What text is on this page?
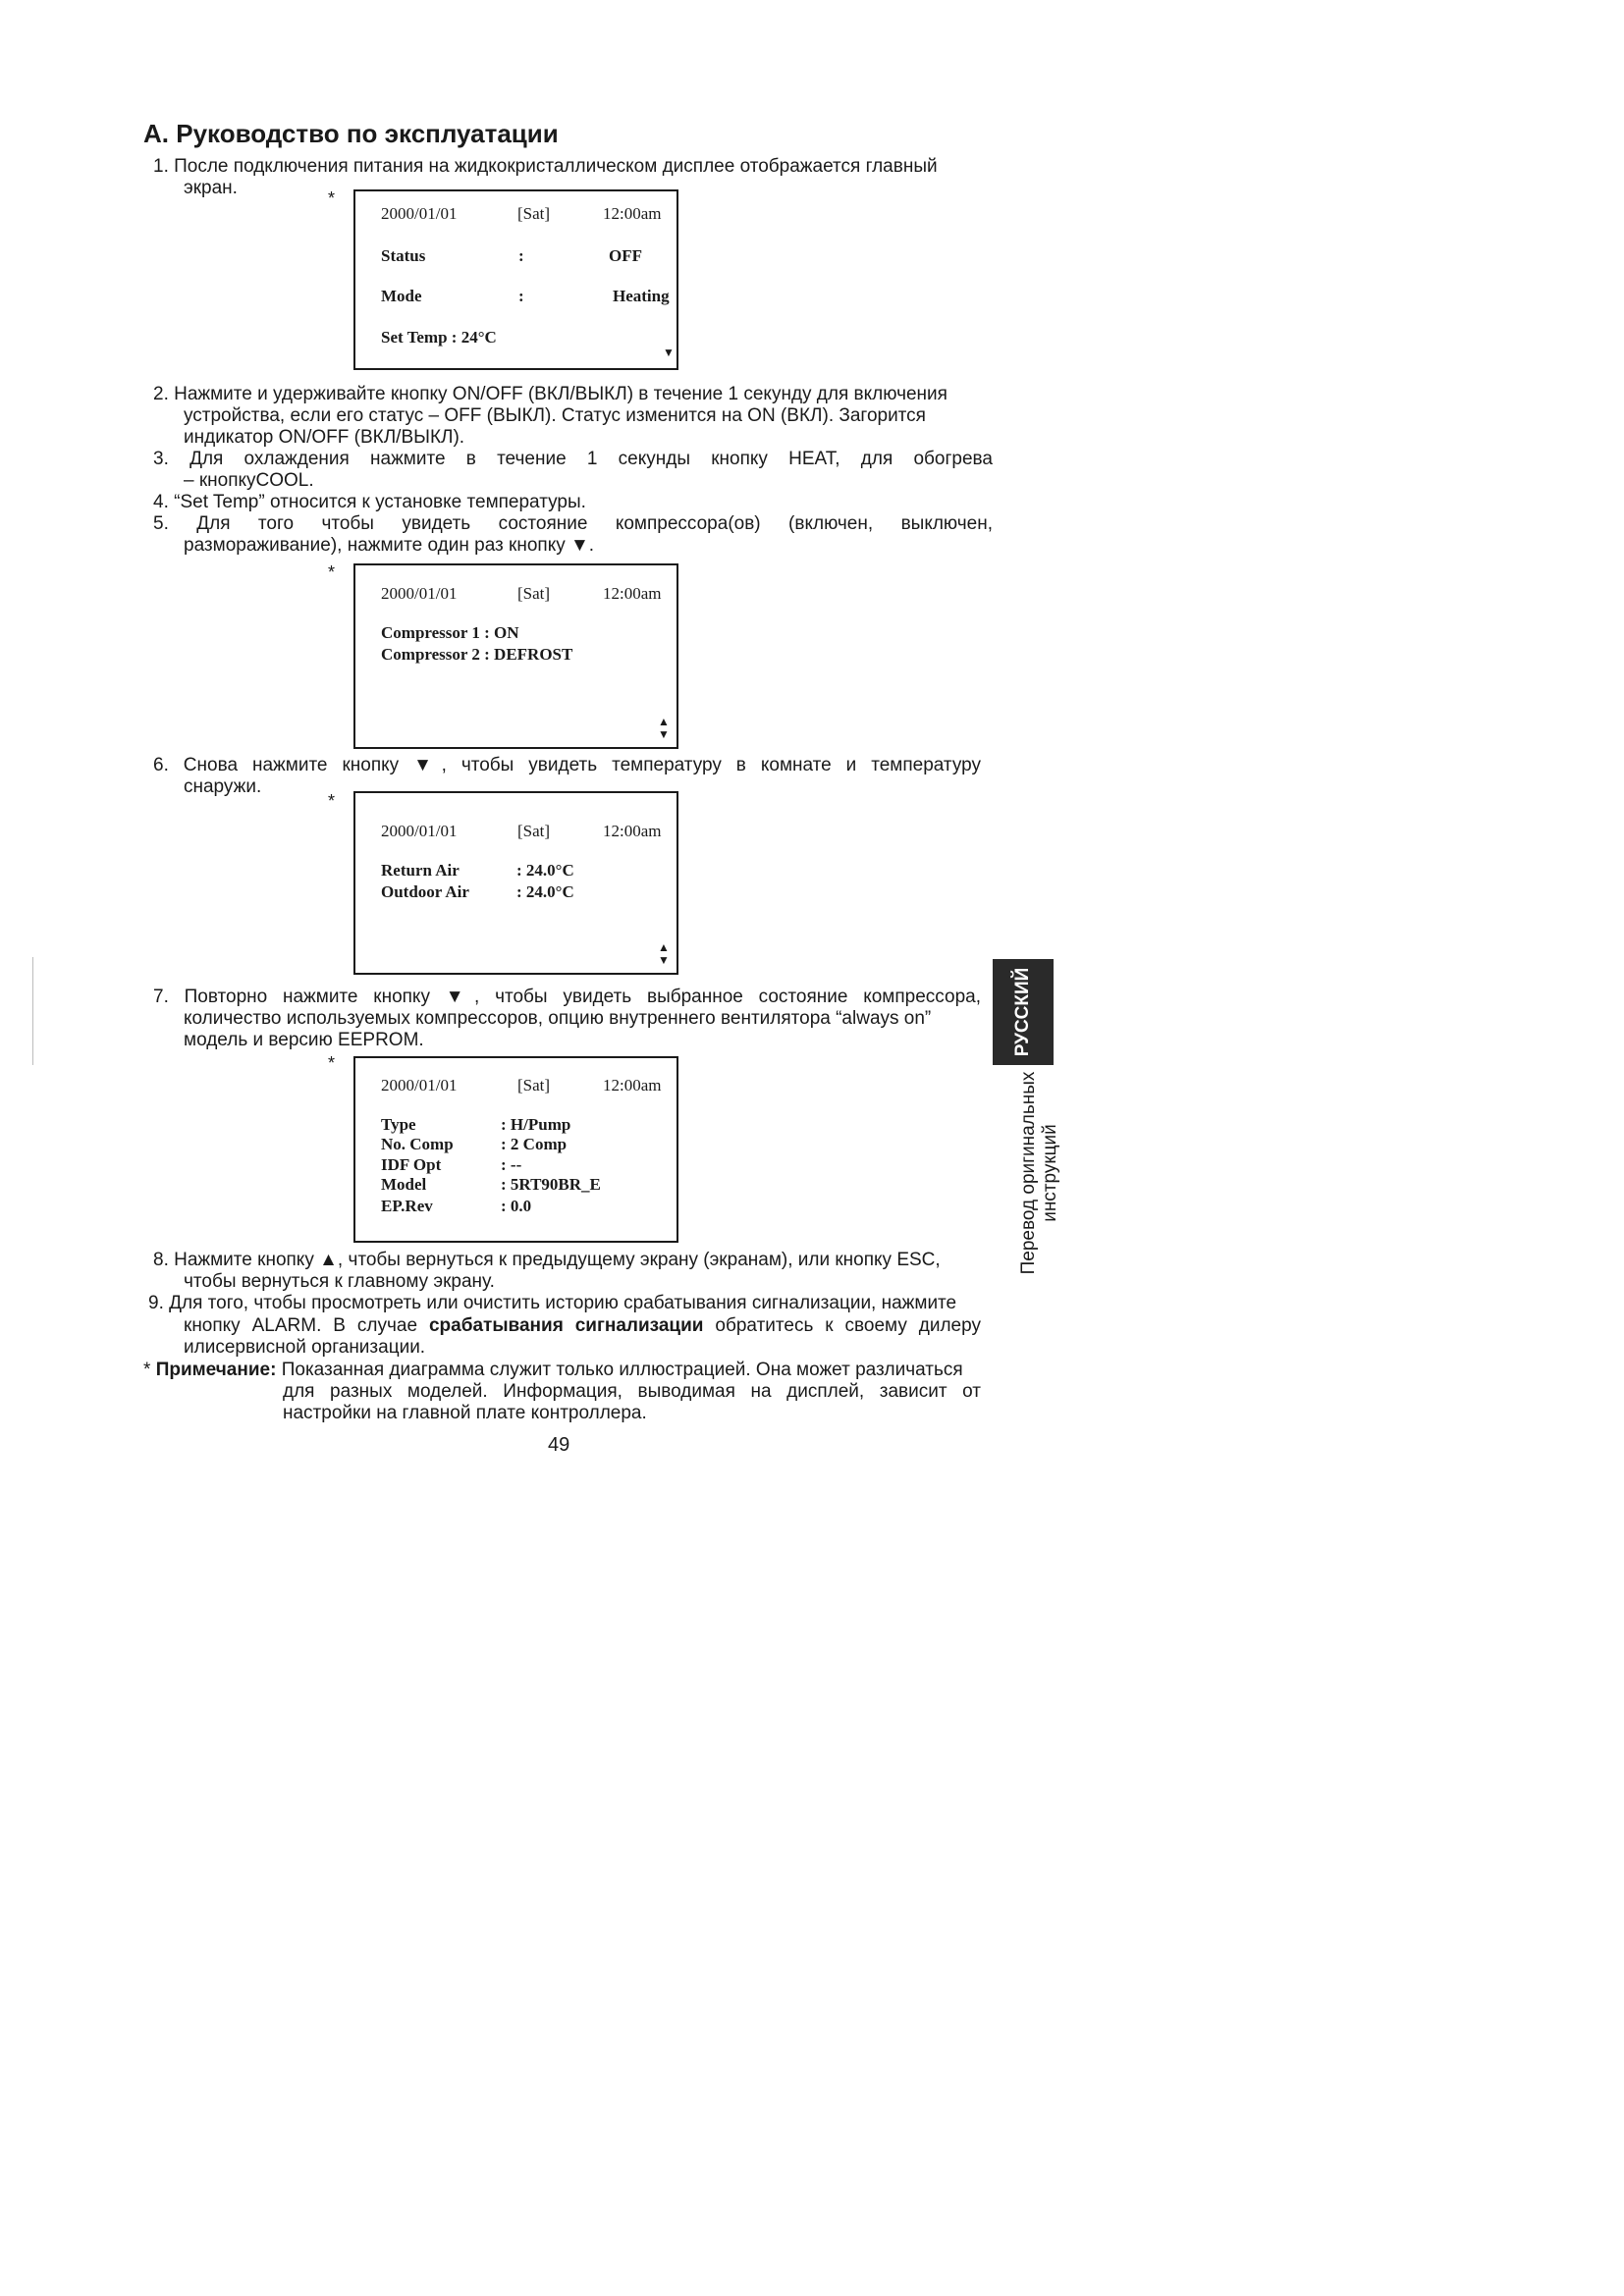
A. Руководство по эксплуатации
1. После подключения питания на жидкокристаллическом дисплее отображается главный
экран.	*
2000/01/01	[Sat]	12:00am
Status	:	OFF
Mode	:	Heating
Set Temp : 24°C
▼
2. Нажмите и удерживайте кнопку ON/OFF (ВКЛ/ВЫКЛ) в течение 1 секунду для включения
устройства, если его статус – OFF (ВЫКЛ). Статус изменится на ON (ВКЛ). Загорится
индикатор ON/OFF (ВКЛ/ВЫКЛ).
3. Для охлаждения нажмите в течение 1 секунды кнопку HEAT, для обогрева
– кнопкуCOOL.
4. “Set Temp” относится к установке температуры.
5. Для того чтобы увидеть состояние компрессора(ов) (включен, выключен,
размораживание), нажмите один раз кнопку ▼.
*
2000/01/01	[Sat]	12:00am
Compressor 1 : ON
Compressor 2 : DEFROST
▲
▼
6. Снова нажмите кнопку ▼, чтобы увидеть температуру в комнате и температуру
снаружи.
*
2000/01/01	[Sat]	12:00am
Return Air	: 24.0°C
Outdoor Air	: 24.0°C
▲
▼
7. Повторно нажмите кнопку ▼, чтобы увидеть выбранное состояние компрессора,
количество используемых компрессоров, опцию внутреннего вентилятора “always on”
модель и версию EEPROM.
*
2000/01/01	[Sat]	12:00am
Type	: H/Pump
No. Comp	: 2 Comp
IDF Opt	: --
Model	: 5RT90BR_E
EP.Rev	: 0.0
8. Нажмите кнопку ▲, чтобы вернуться к предыдущему экрану (экранам), или кнопку ESC,
чтобы вернуться к главному экрану.
9. Для того, чтобы просмотреть или очистить историю срабатывания сигнализации, нажмите
кнопку ALARM. В случае срабатывания сигнализации обратитесь к своему дилеру
илисервисной организации.
* Примечание: Показанная диаграмма служит только иллюстрацией. Она может различаться
для разных моделей. Информация, выводимая на дисплей, зависит от
настройки на главной плате контроллера.
49
РУССКИЙ
Перевод оригинальных инструкций
